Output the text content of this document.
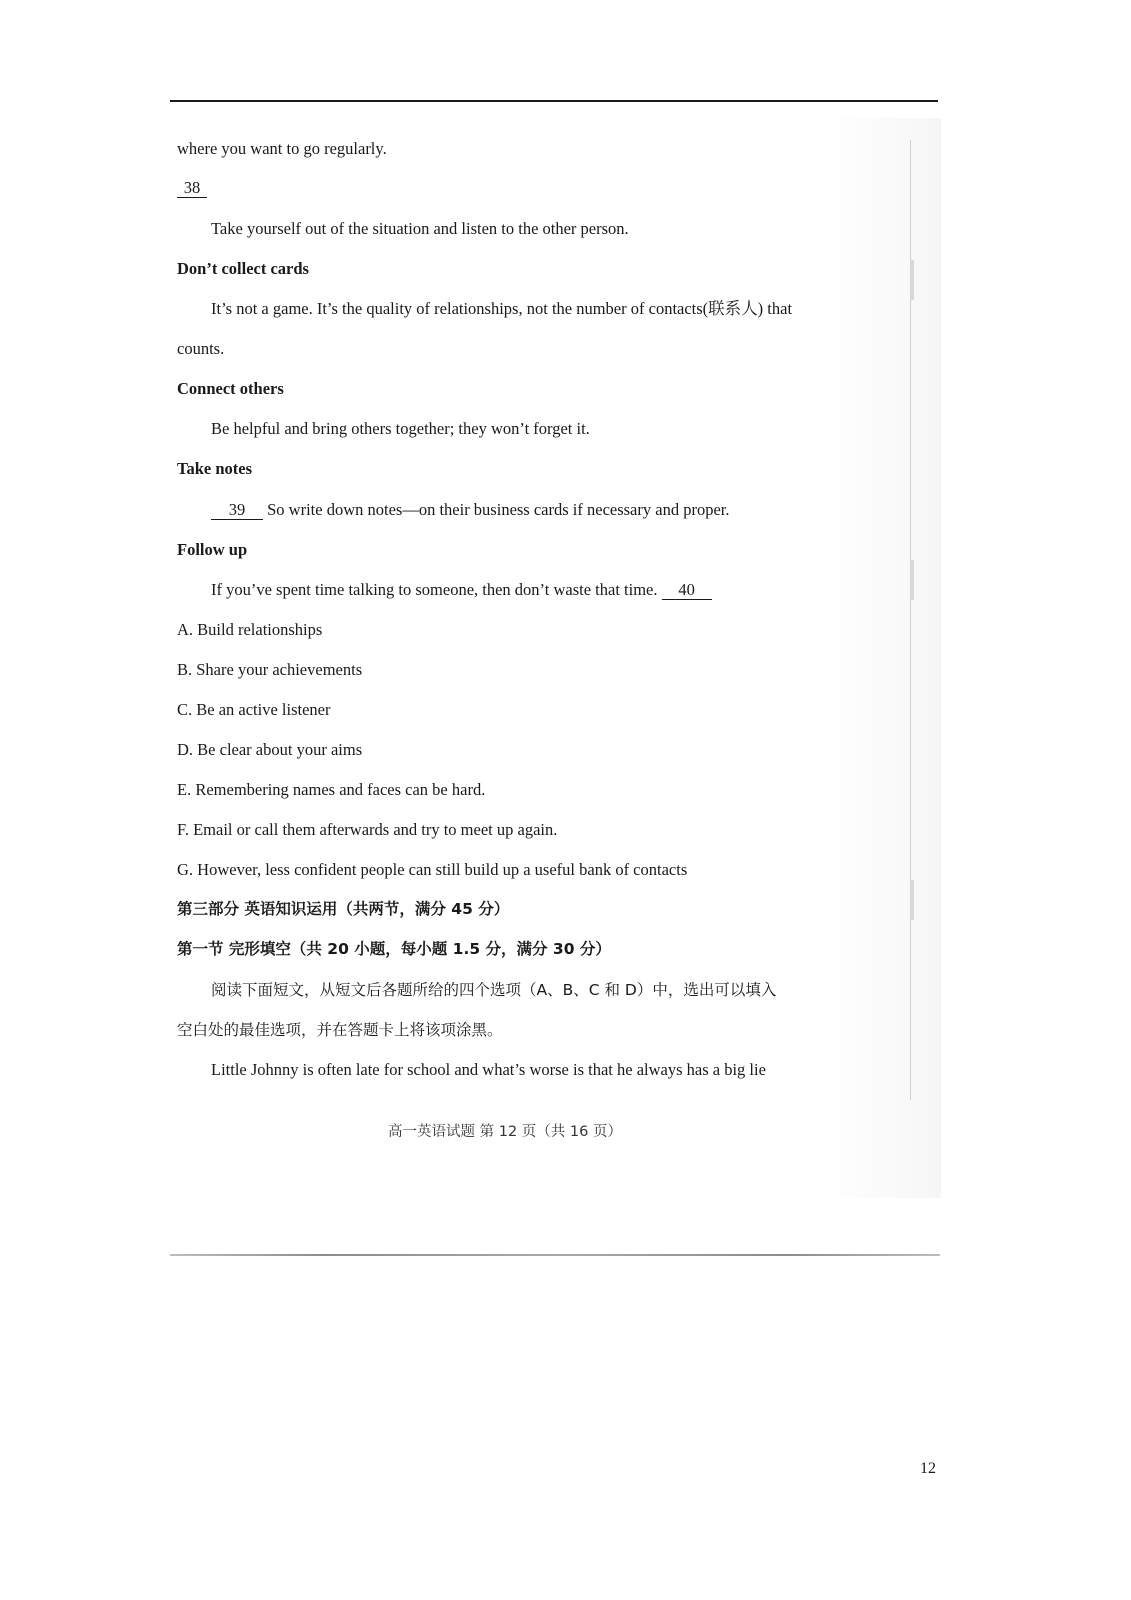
where you want to go regularly.
38
Take yourself out of the situation and listen to the other person.
Don’t collect cards
It’s not a game. It’s the quality of relationships, not the number of contacts(联系人) that
counts.
Connect others
Be helpful and bring others together; they won’t forget it.
Take notes
39 So write down notes—on their business cards if necessary and proper.
Follow up
If you’ve spent time talking to someone, then don’t waste that time. 40
A. Build relationships
B. Share your achievements
C. Be an active listener
D. Be clear about your aims
E. Remembering names and faces can be hard.
F. Email or call them afterwards and try to meet up again.
G. However, less confident people can still build up a useful bank of contacts
第三部分 英语知识运用（共两节，满分 45 分）
第一节 完形填空（共 20 小题，每小题 1.5 分，满分 30 分）
阅读下面短文，从短文后各题所给的四个选项（A、B、C 和 D）中，选出可以填入
空白处的最佳选项，并在答题卡上将该项涂黑。
Little Johnny is often late for school and what’s worse is that he always has a big lie
高一英语试题 第 12 页（共 16 页）
12
